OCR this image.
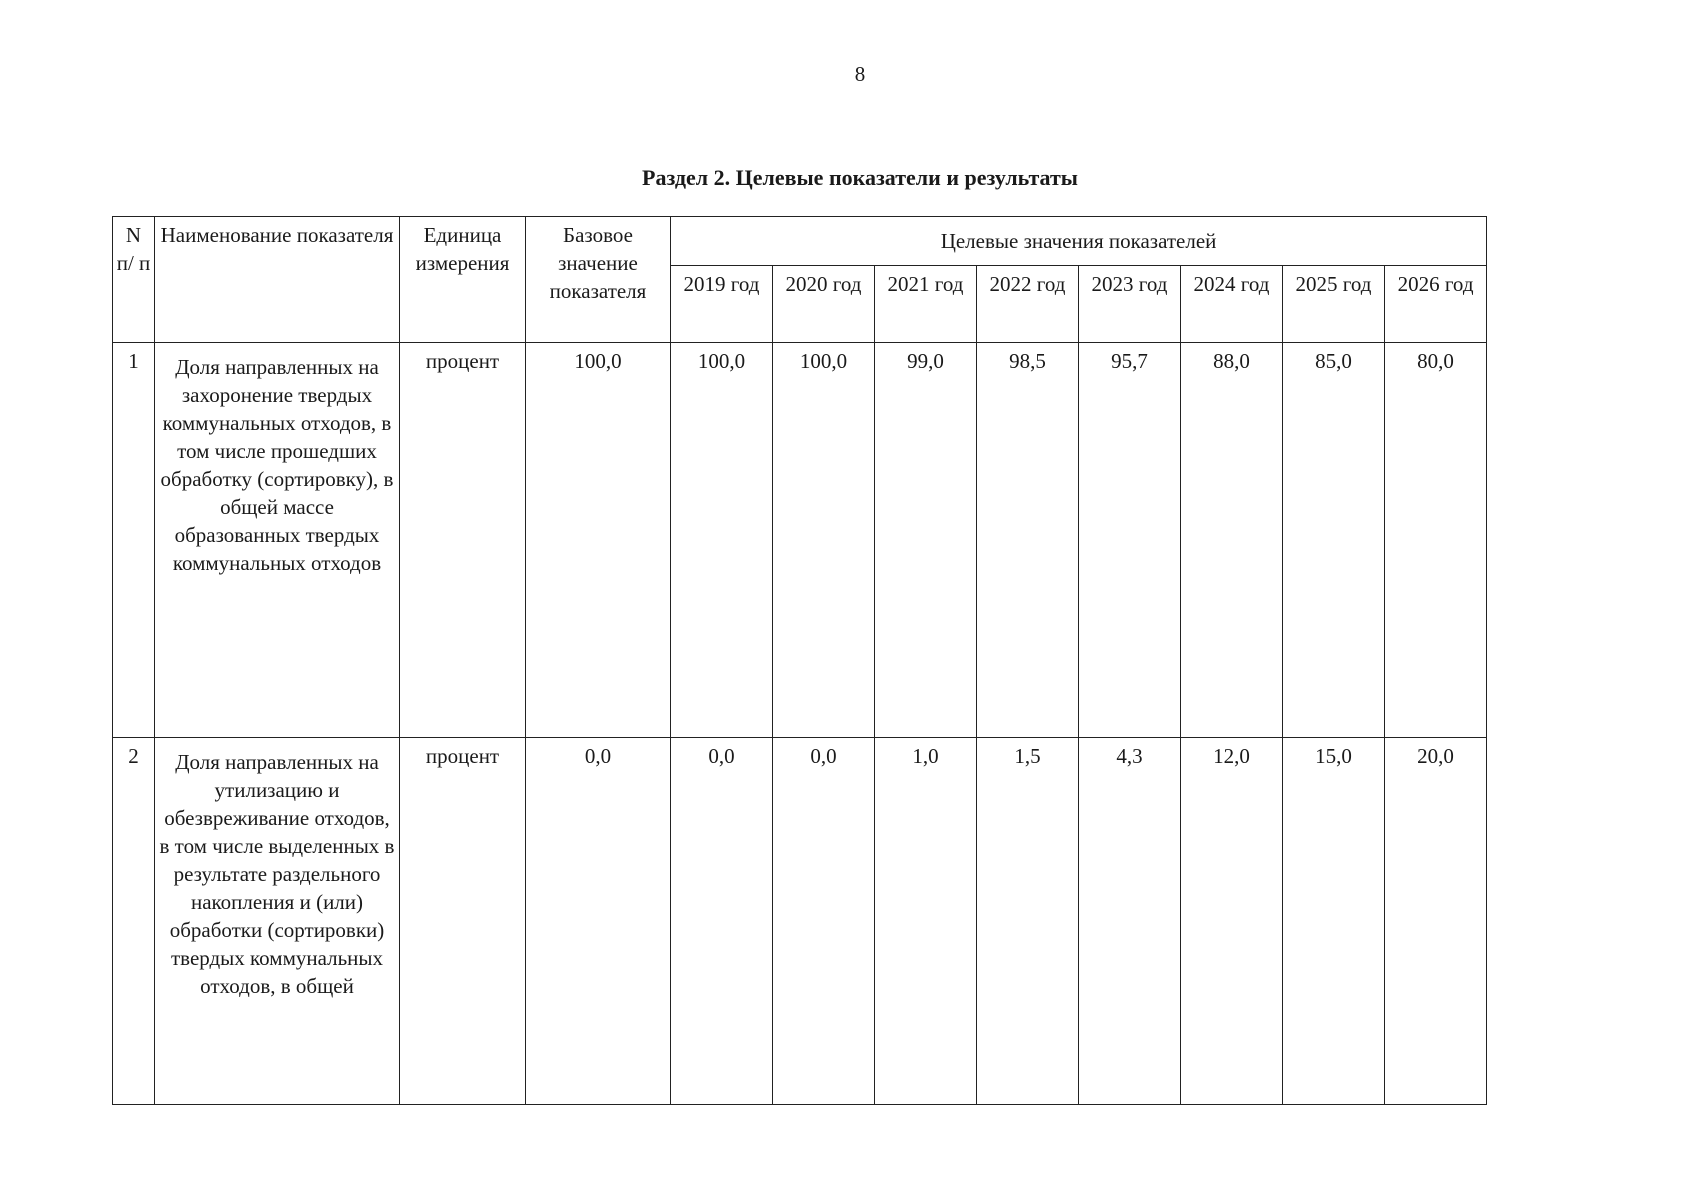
8
Раздел 2. Целевые показатели и результаты
N п/ п	Наименование показателя	Единица измерения	Базовое значение показателя	Целевые значения показателей							
				2019 год	2020 год	2021 год	2022 год	2023 год	2024 год	2025 год	2026 год
1	Доля направленных на захоронение твердых коммунальных отходов, в том числе прошедших обработку (сортировку), в общей массе образованных твердых коммунальных отходов	процент	100,0	100,0	100,0	99,0	98,5	95,7	88,0	85,0	80,0
2	Доля направленных на утилизацию и обезвреживание отходов, в том числе выделенных в результате раздельного накопления и (или) обработки (сортировки) твердых коммунальных отходов, в общей	процент	0,0	0,0	0,0	1,0	1,5	4,3	12,0	15,0	20,0
